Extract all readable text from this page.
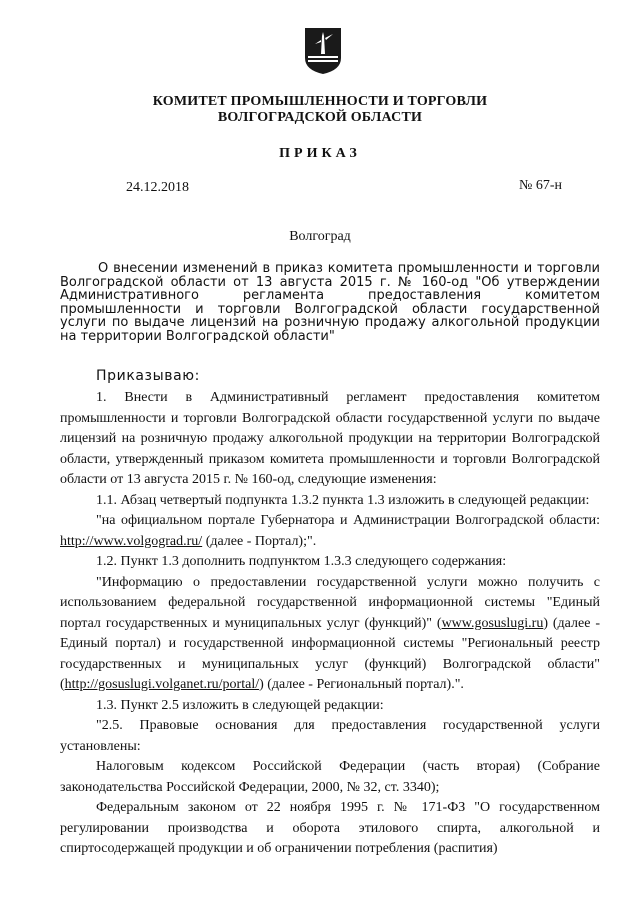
КОМИТЕТ ПРОМЫШЛЕННОСТИ И ТОРГОВЛИ
ВОЛГОГРАДСКОЙ ОБЛАСТИ
ПРИКАЗ
24.12.2018	№ 67-н
Волгоград
О внесении изменений в приказ комитета промышленности и торговли Волгоградской области от 13 августа 2015 г. № 160-од "Об утверждении Административного регламента предоставления комитетом промышленности и торговли Волгоградской области государственной услуги по выдаче лицензий на розничную продажу алкогольной продукции на территории Волгоградской области"
Приказываю:

1. Внести в Административный регламент предоставления комитетом промышленности и торговли Волгоградской области государственной услуги по выдаче лицензий на розничную продажу алкогольной продукции на территории Волгоградской области, утвержденный приказом комитета промышленности и торговли Волгоградской области от 13 августа 2015 г. № 160-од, следующие изменения:

1.1. Абзац четвертый подпункта 1.3.2 пункта 1.3 изложить в следующей редакции:

"на официальном портале Губернатора и Администрации Волгоградской области: http://www.volgograd.ru/ (далее - Портал);".

1.2. Пункт 1.3 дополнить подпунктом 1.3.3 следующего содержания:

"Информацию о предоставлении государственной услуги можно получить с использованием федеральной государственной информационной системы "Единый портал государственных и муниципальных услуг (функций)" (www.gosuslugi.ru) (далее - Единый портал) и государственной информационной системы "Региональный реестр государственных и муниципальных услуг (функций) Волгоградской области" (http://gosuslugi.volganet.ru/portal/) (далее - Региональный портал).".

1.3. Пункт 2.5 изложить в следующей редакции:

"2.5. Правовые основания для предоставления государственной услуги установлены:

Налоговым кодексом Российской Федерации (часть вторая) (Собрание законодательства Российской Федерации, 2000, № 32, ст. 3340);

Федеральным законом от 22 ноября 1995 г. № 171-ФЗ "О государственном регулировании производства и оборота этилового спирта, алкогольной и спиртосодержащей продукции и об ограничении потребления (распития)
